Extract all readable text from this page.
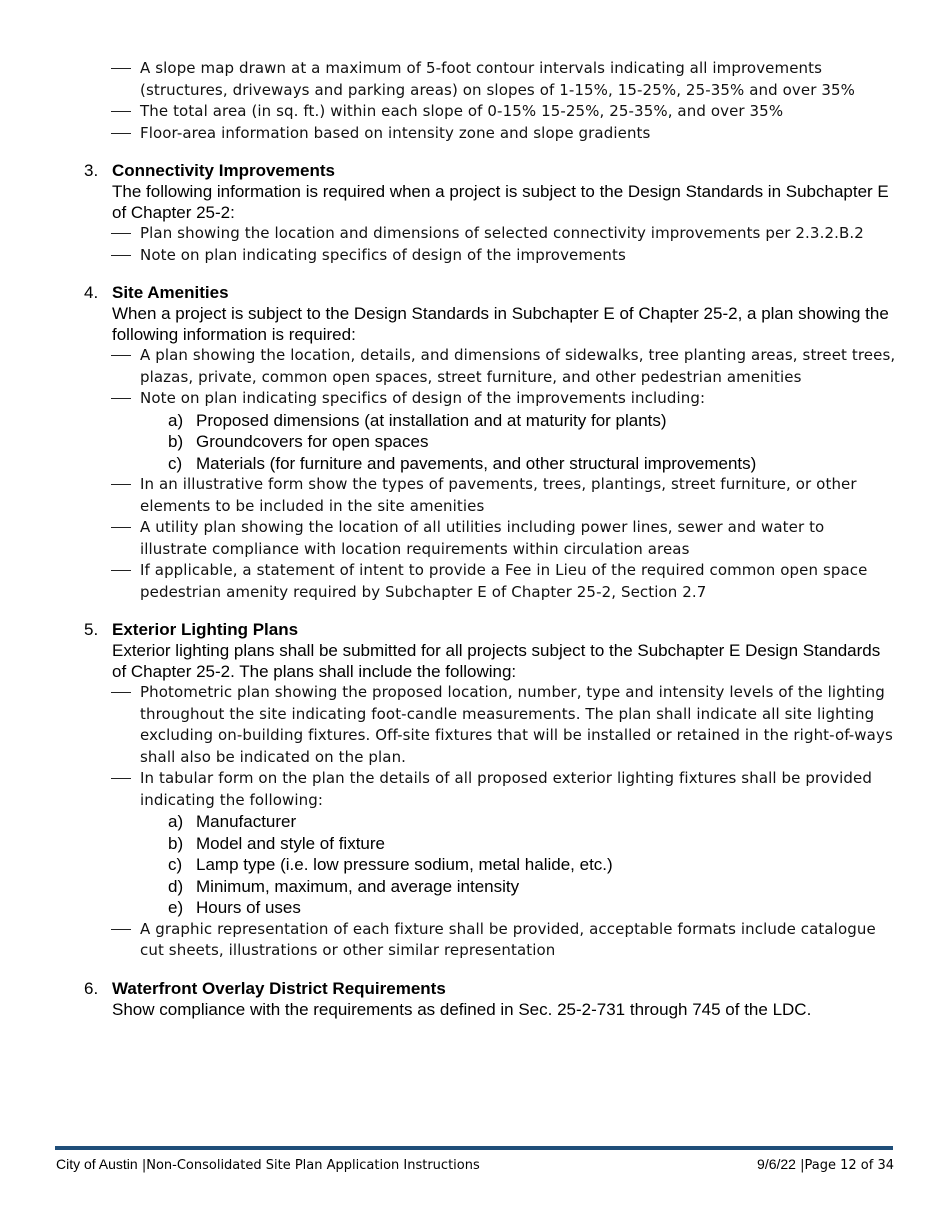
A slope map drawn at a maximum of 5-foot contour intervals indicating all improvements (structures, driveways and parking areas) on slopes of 1-15%, 15-25%, 25-35% and over 35%
The total area (in sq. ft.) within each slope of 0-15% 15-25%, 25-35%, and over 35%
Floor-area information based on intensity zone and slope gradients
3. Connectivity Improvements
The following information is required when a project is subject to the Design Standards in Subchapter E of Chapter 25-2:
Plan showing the location and dimensions of selected connectivity improvements per 2.3.2.B.2
Note on plan indicating specifics of design of the improvements
4. Site Amenities
When a project is subject to the Design Standards in Subchapter E of Chapter 25-2, a plan showing the following information is required:
A plan showing the location, details, and dimensions of sidewalks, tree planting areas, street trees, plazas, private, common open spaces, street furniture, and other pedestrian amenities
Note on plan indicating specifics of design of the improvements including:
a) Proposed dimensions (at installation and at maturity for plants)
b) Groundcovers for open spaces
c) Materials (for furniture and pavements, and other structural improvements)
In an illustrative form show the types of pavements, trees, plantings, street furniture, or other elements to be included in the site amenities
A utility plan showing the location of all utilities including power lines, sewer and water to illustrate compliance with location requirements within circulation areas
If applicable, a statement of intent to provide a Fee in Lieu of the required common open space pedestrian amenity required by Subchapter E of Chapter 25-2, Section 2.7
5. Exterior Lighting Plans
Exterior lighting plans shall be submitted for all projects subject to the Subchapter E Design Standards of Chapter 25-2. The plans shall include the following:
Photometric plan showing the proposed location, number, type and intensity levels of the lighting throughout the site indicating foot-candle measurements. The plan shall indicate all site lighting excluding on-building fixtures. Off-site fixtures that will be installed or retained in the right-of-ways shall also be indicated on the plan.
In tabular form on the plan the details of all proposed exterior lighting fixtures shall be provided indicating the following:
a) Manufacturer
b) Model and style of fixture
c) Lamp type (i.e. low pressure sodium, metal halide, etc.)
d) Minimum, maximum, and average intensity
e) Hours of uses
A graphic representation of each fixture shall be provided, acceptable formats include catalogue cut sheets, illustrations or other similar representation
6. Waterfront Overlay District Requirements
Show compliance with the requirements as defined in Sec. 25-2-731 through 745 of the LDC.
City of Austin |Non-Consolidated Site Plan Application Instructions	9/6/22 |Page 12 of 34
